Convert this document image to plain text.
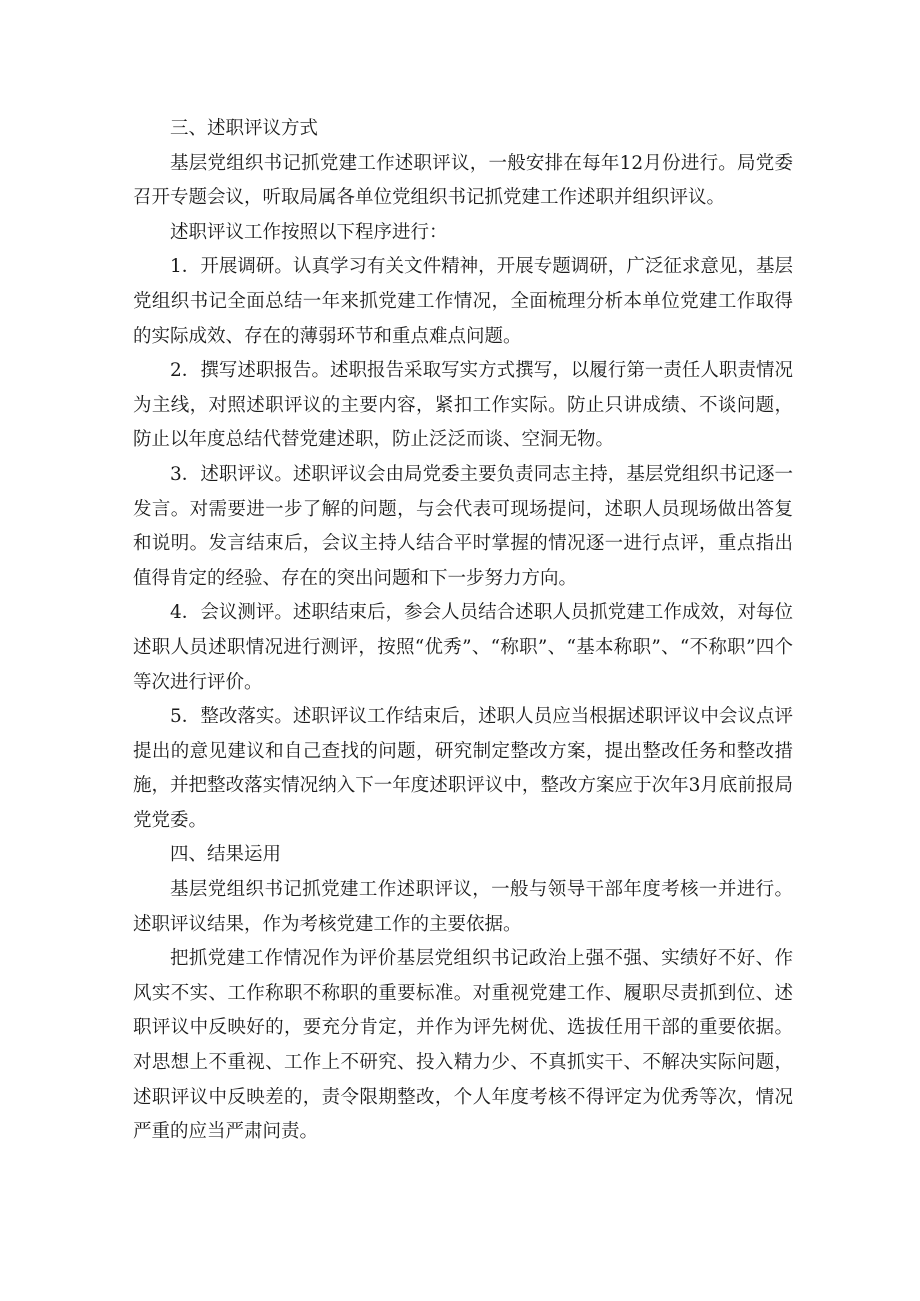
三、述职评议方式

基层党组织书记抓党建工作述职评议，一般安排在每年12月份进行。局党委召开专题会议，听取局属各单位党组织书记抓党建工作述职并组织评议。

述职评议工作按照以下程序进行：

1．开展调研。认真学习有关文件精神，开展专题调研，广泛征求意见，基层党组织书记全面总结一年来抓党建工作情况，全面梳理分析本单位党建工作取得的实际成效、存在的薄弱环节和重点难点问题。

2．撰写述职报告。述职报告采取写实方式撰写，以履行第一责任人职责情况为主线，对照述职评议的主要内容，紧扣工作实际。防止只讲成绩、不谈问题，防止以年度总结代替党建述职，防止泛泛而谈、空洞无物。

3．述职评议。述职评议会由局党委主要负责同志主持，基层党组织书记逐一发言。对需要进一步了解的问题，与会代表可现场提问，述职人员现场做出答复和说明。发言结束后，会议主持人结合平时掌握的情况逐一进行点评，重点指出值得肯定的经验、存在的突出问题和下一步努力方向。

4．会议测评。述职结束后，参会人员结合述职人员抓党建工作成效，对每位述职人员述职情况进行测评，按照“优秀”、“称职”、“基本称职”、“不称职”四个等次进行评价。

5．整改落实。述职评议工作结束后，述职人员应当根据述职评议中会议点评提出的意见建议和自己查找的问题，研究制定整改方案，提出整改任务和整改措施，并把整改落实情况纳入下一年度述职评议中，整改方案应于次年3月底前报局党党委。

四、结果运用

基层党组织书记抓党建工作述职评议，一般与领导干部年度考核一并进行。述职评议结果，作为考核党建工作的主要依据。

把抓党建工作情况作为评价基层党组织书记政治上强不强、实绩好不好、作风实不实、工作称职不称职的重要标准。对重视党建工作、履职尽责抓到位、述职评议中反映好的，要充分肯定，并作为评先树优、选拔任用干部的重要依据。对思想上不重视、工作上不研究、投入精力少、不真抓实干、不解决实际问题，述职评议中反映差的，责令限期整改，个人年度考核不得评定为优秀等次，情况严重的应当严肃问责。
